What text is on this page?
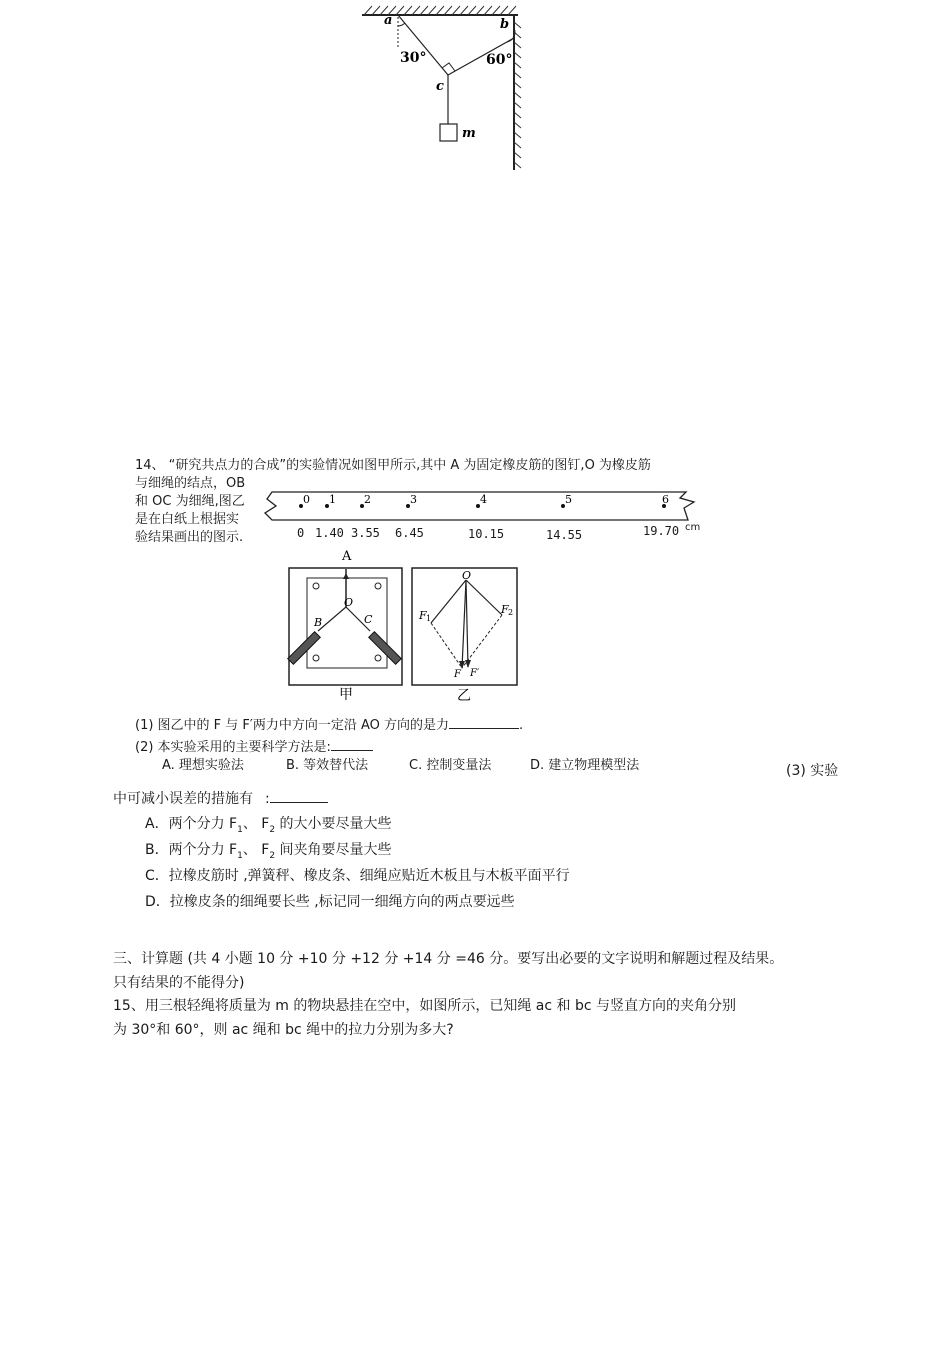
a	b
c
m
30°	60°
14、 “研究共点力的合成”的实验情况如图甲所示,其中 A 为固定橡皮筋的图钉,O 为橡皮筋
与细绳的结点，OB
和 OC 为细绳,图乙
是在白纸上根据实
验结果画出的图示.
0 1	2	3	4	5	6
0 1.40 3.55 6.45	10.15	14.55	19.70 cm
A
O
B	C
甲
O
F 1
F 2
F F′
乙
(1) 图乙中的 F 与 F′两力中方向一定沿 AO 方向的是力	.
(2) 本实验采用的主要科学方法是:
A. 理想实验法	B. 等效替代法	C. 控制变量法	D. 建立物理模型法	(3) 实验
中可减小误差的措施有 :
A．两个分力 $F_1$、 $F_2$ 的大小要尽量大些
B．两个分力 $F_1$、 $F_2$ 间夹角要尽量大些
C．拉橡皮筋时 ,弹簧秤、橡皮条、细绳应贴近木板且与木板平面平行
D．拉橡皮条的细绳要长些 ,标记同一细绳方向的两点要远些
三、计算题 (共 4 小题 10 分 +10 分 +12 分 +14 分 =46 分。要写出必要的文字说明和解题过程及结果。
只有结果的不能得分)
15、用三根轻绳将质量为 m 的物块悬挂在空中，如图所示，已知绳 ac 和 bc 与竖直方向的夹角分别
为 30°和 60°，则 ac 绳和 bc 绳中的拉力分别为多大?
